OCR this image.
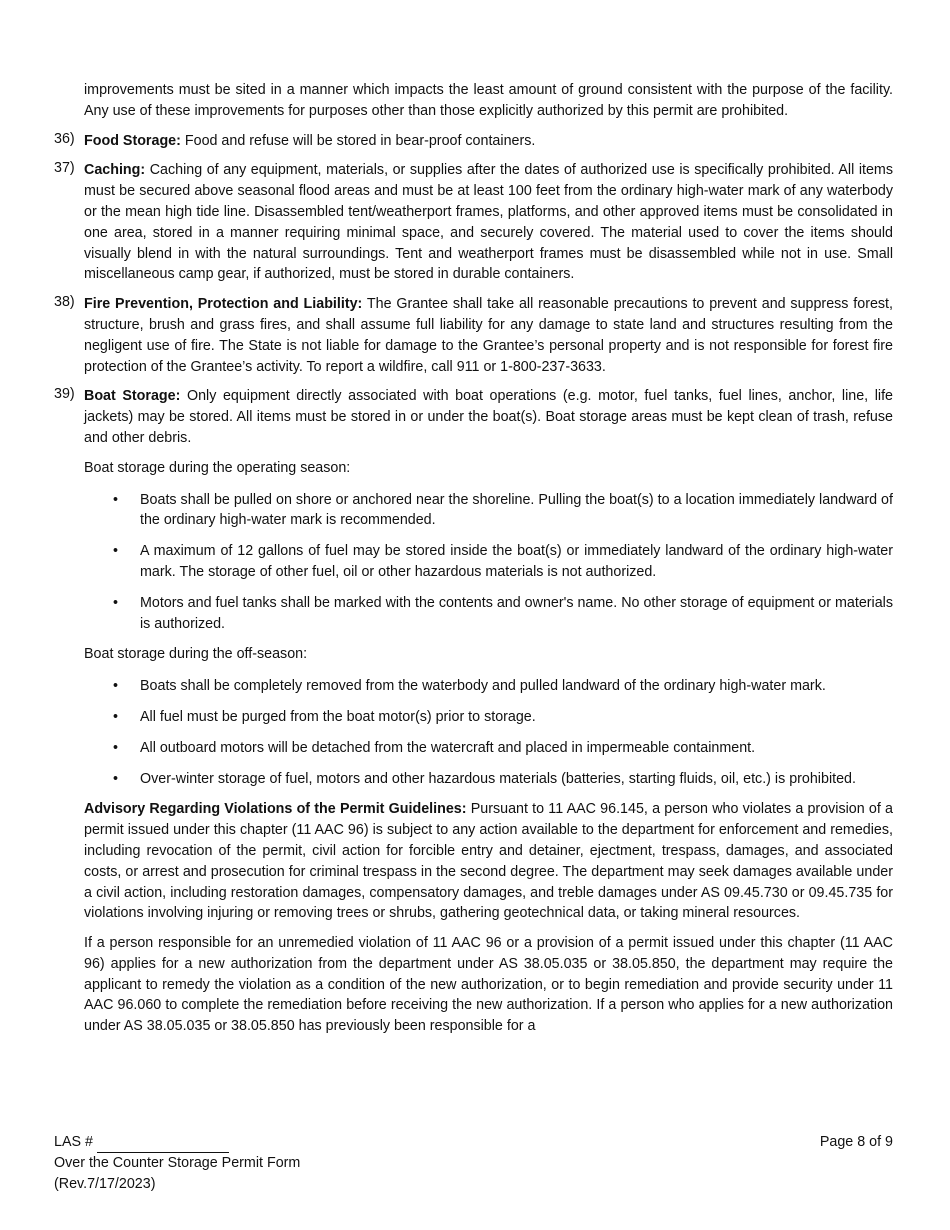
improvements must be sited in a manner which impacts the least amount of ground consistent with the purpose of the facility. Any use of these improvements for purposes other than those explicitly authorized by this permit are prohibited.

36) Food Storage: Food and refuse will be stored in bear-proof containers.

37) Caching: Caching of any equipment, materials, or supplies after the dates of authorized use is specifically prohibited. All items must be secured above seasonal flood areas and must be at least 100 feet from the ordinary high-water mark of any waterbody or the mean high tide line. Disassembled tent/weatherport frames, platforms, and other approved items must be consolidated in one area, stored in a manner requiring minimal space, and securely covered. The material used to cover the items should visually blend in with the natural surroundings. Tent and weatherport frames must be disassembled while not in use. Small miscellaneous camp gear, if authorized, must be stored in durable containers.

38) Fire Prevention, Protection and Liability: The Grantee shall take all reasonable precautions to prevent and suppress forest, structure, brush and grass fires, and shall assume full liability for any damage to state land and structures resulting from the negligent use of fire. The State is not liable for damage to the Grantee’s personal property and is not responsible for forest fire protection of the Grantee’s activity. To report a wildfire, call 911 or 1-800-237-3633.

39) Boat Storage: Only equipment directly associated with boat operations (e.g. motor, fuel tanks, fuel lines, anchor, line, life jackets) may be stored. All items must be stored in or under the boat(s). Boat storage areas must be kept clean of trash, refuse and other debris.

Boat storage during the operating season:

• Boats shall be pulled on shore or anchored near the shoreline. Pulling the boat(s) to a location immediately landward of the ordinary high-water mark is recommended.
• A maximum of 12 gallons of fuel may be stored inside the boat(s) or immediately landward of the ordinary high-water mark. The storage of other fuel, oil or other hazardous materials is not authorized.
• Motors and fuel tanks shall be marked with the contents and owner's name. No other storage of equipment or materials is authorized.

Boat storage during the off-season:

• Boats shall be completely removed from the waterbody and pulled landward of the ordinary high-water mark.
• All fuel must be purged from the boat motor(s) prior to storage.
• All outboard motors will be detached from the watercraft and placed in impermeable containment.
• Over-winter storage of fuel, motors and other hazardous materials (batteries, starting fluids, oil, etc.) is prohibited.

Advisory Regarding Violations of the Permit Guidelines: Pursuant to 11 AAC 96.145, a person who violates a provision of a permit issued under this chapter (11 AAC 96) is subject to any action available to the department for enforcement and remedies, including revocation of the permit, civil action for forcible entry and detainer, ejectment, trespass, damages, and associated costs, or arrest and prosecution for criminal trespass in the second degree. The department may seek damages available under a civil action, including restoration damages, compensatory damages, and treble damages under AS 09.45.730 or 09.45.735 for violations involving injuring or removing trees or shrubs, gathering geotechnical data, or taking mineral resources.

If a person responsible for an unremedied violation of 11 AAC 96 or a provision of a permit issued under this chapter (11 AAC 96) applies for a new authorization from the department under AS 38.05.035 or 38.05.850, the department may require the applicant to remedy the violation as a condition of the new authorization, or to begin remediation and provide security under 11 AAC 96.060 to complete the remediation before receiving the new authorization. If a person who applies for a new authorization under AS 38.05.035 or 38.05.850 has previously been responsible for a

LAS #	Page 8 of 9
Over the Counter Storage Permit Form
(Rev.7/17/2023)
